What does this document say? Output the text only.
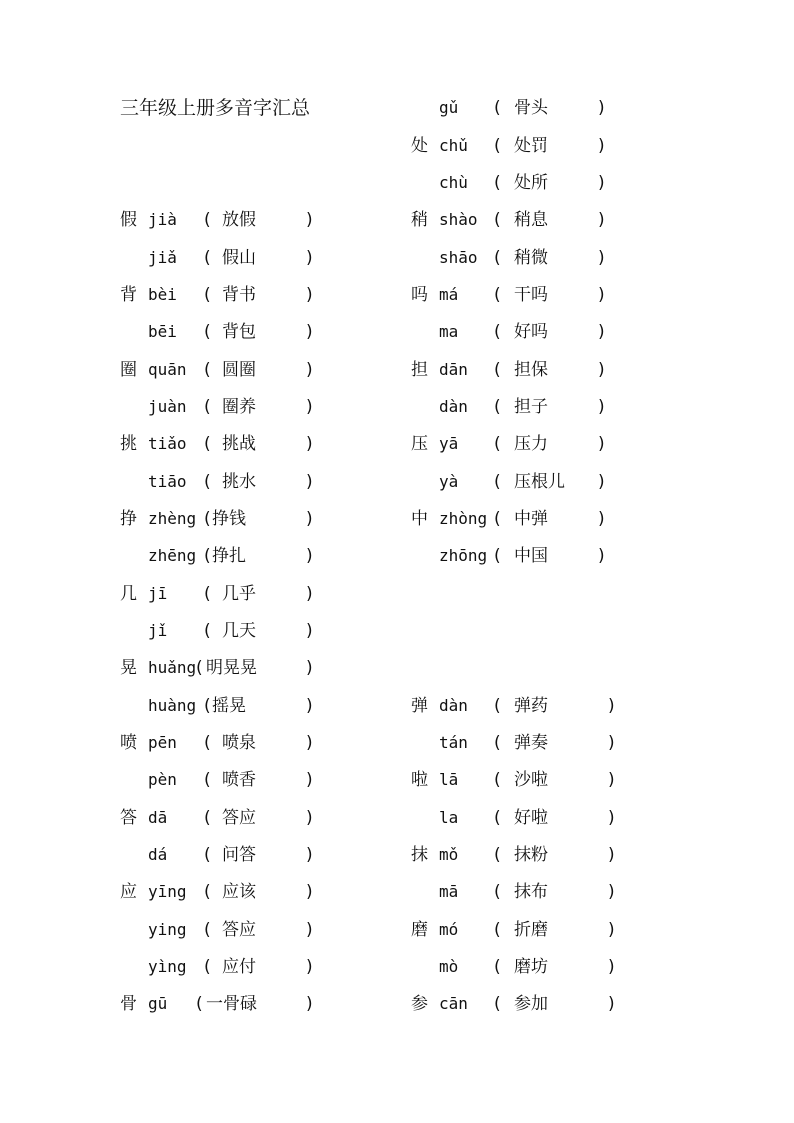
三年级上册多音字汇总
假 jià ( 放假	)
jiǎ ( 假山	)
背 bèi ( 背书	)
bēi ( 背包	)
圈 quān ( 圆圈	)
juàn ( 圈养	)
挑 tiǎo ( 挑战	)
tiāo ( 挑水	)
挣 zhèng ( 挣钱	)
zhēng ( 挣扎	)
几 jī ( 几乎	)
jǐ ( 几天	)
晃 huǎng ( 明晃晃	)
huàng ( 摇晃	)
喷 pēn ( 喷泉	)
pèn ( 喷香	)
答 dā ( 答应	)
dá ( 问答	)
应 yīng ( 应该	)
ying ( 答应	)
yìng ( 应付	)
骨 gū ( 一骨碌	)
gǔ ( 骨头	)
处 chǔ ( 处罚	)
chù ( 处所	)
稍 shào ( 稍息	)
shāo ( 稍微	)
吗 má ( 干吗	)
ma ( 好吗	)
担 dān ( 担保	)
dàn ( 担子	)
压 yā ( 压力	)
yà ( 压根儿 )
中 zhòng ( 中弹	)
zhōng ( 中国	)
弹 dàn ( 弹药	)
tán ( 弹奏	)
啦 lā ( 沙啦	)
la ( 好啦	)
抹 mǒ ( 抹粉	)
mā ( 抹布	)
磨 mó ( 折磨	)
mò ( 磨坊	)
参 cān ( 参加	)
